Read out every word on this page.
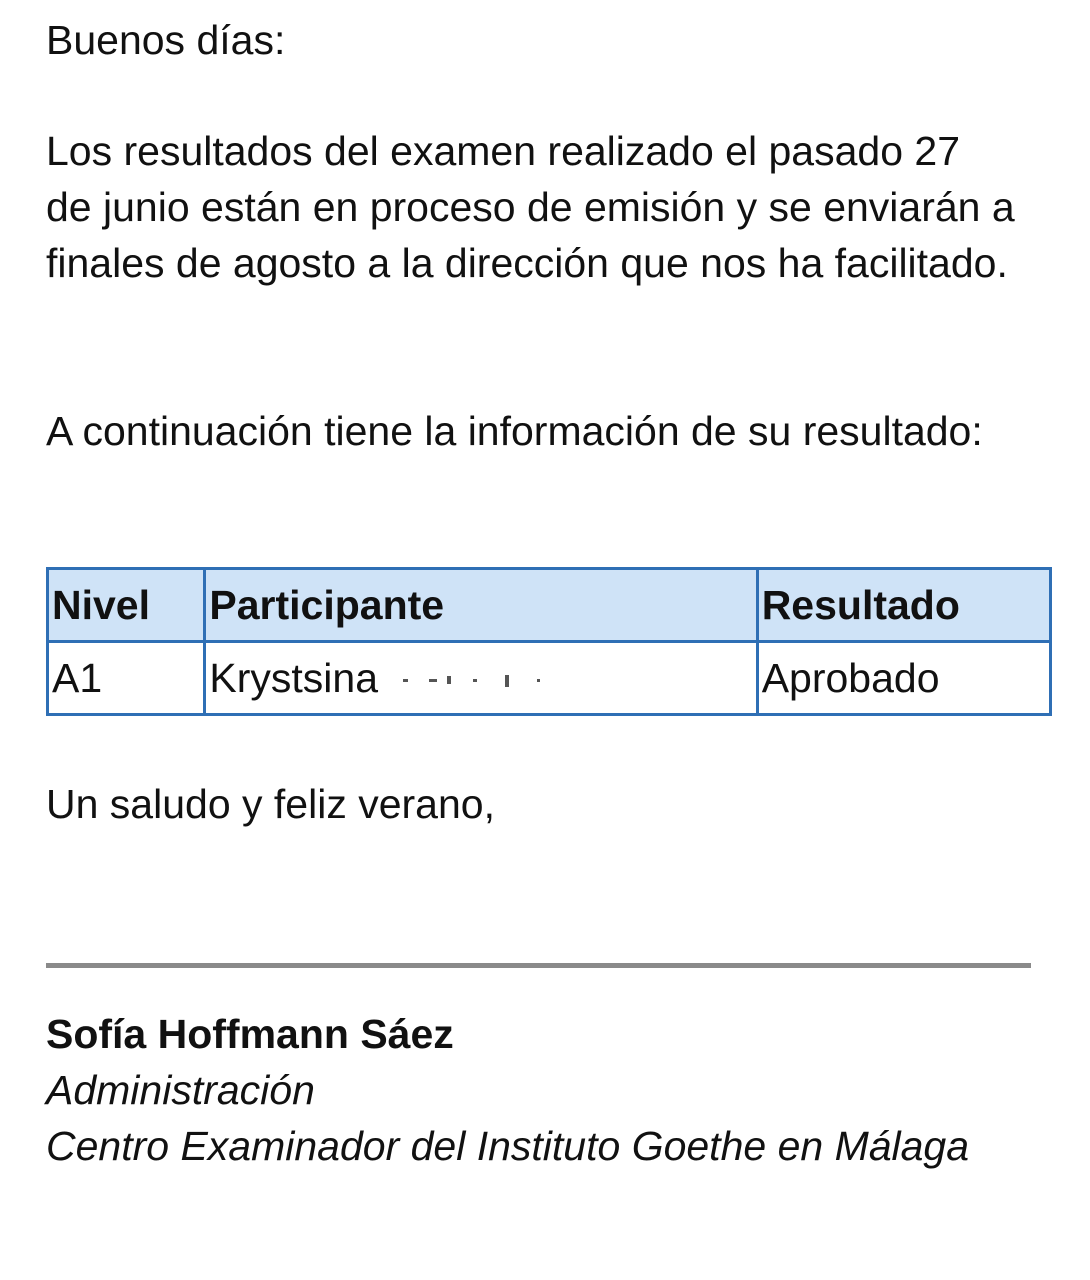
Buenos días:

Los resultados del examen realizado el pasado 27 de junio están en proceso de emisión y se enviarán a finales de agosto a la dirección que nos ha facilitado.

A continuación tiene la información de su resultado:

Nivel	Participante	Resultado
A1	Krystsina	Aprobado

Un saludo y feliz verano,

Sofía Hoffmann Sáez
Administración
Centro Examinador del Instituto Goethe en Málaga
